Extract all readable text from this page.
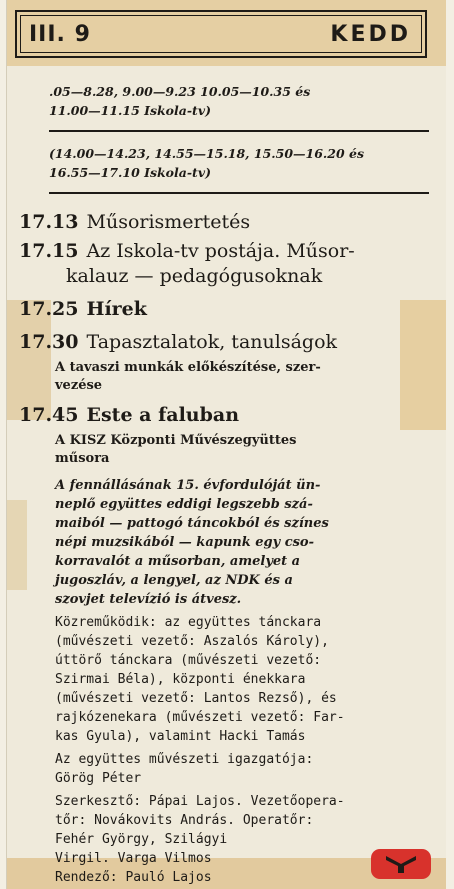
III. 9	KEDD
.05—8.28, 9.00—9.23 10.05—10.35 és
11.00—11.15 Iskola-tv)
(14.00—14.23, 14.55—15.18, 15.50—16.20 és
16.55—17.10 Iskola-tv)
17.13 Műsorismertetés
17.15 Az Iskola-tv postája. Műsor-
kalauz — pedagógusoknak
17.25 Hírek
17.30 Tapasztalatok, tanulságok
A tavaszi munkák előkészítése, szer-
vezése
17.45 Este a faluban
A KISZ Központi Művészegyüttes
műsora
A fennállásának 15. évfordulóját ün-
neplő együttes eddigi legszebb szá-
maiból — pattogó táncokból és színes
népi muzsikából — kapunk egy cso-
korravalót a műsorban, amelyet a
jugoszláv, a lengyel, az NDK és a
szovjet televízió is átvesz.
Közreműködik: az együttes tánckara
(művészeti vezető: Aszalós Károly),
úttörő tánckara (művészeti vezető:
Szirmai Béla), központi énekkara
(művészeti vezető: Lantos Rezső), és
rajkózenekara (művészeti vezető: Far-
kas Gyula), valamint Hacki Tamás
Az együttes művészeti igazgatója:
Görög Péter
Szerkesztő: Pápai Lajos. Vezetőopera-
tőr: Novákovits András. Operatőr:
Fehér György, Szilágyi
Virgil. Varga Vilmos
Rendező: Pauló Lajos
